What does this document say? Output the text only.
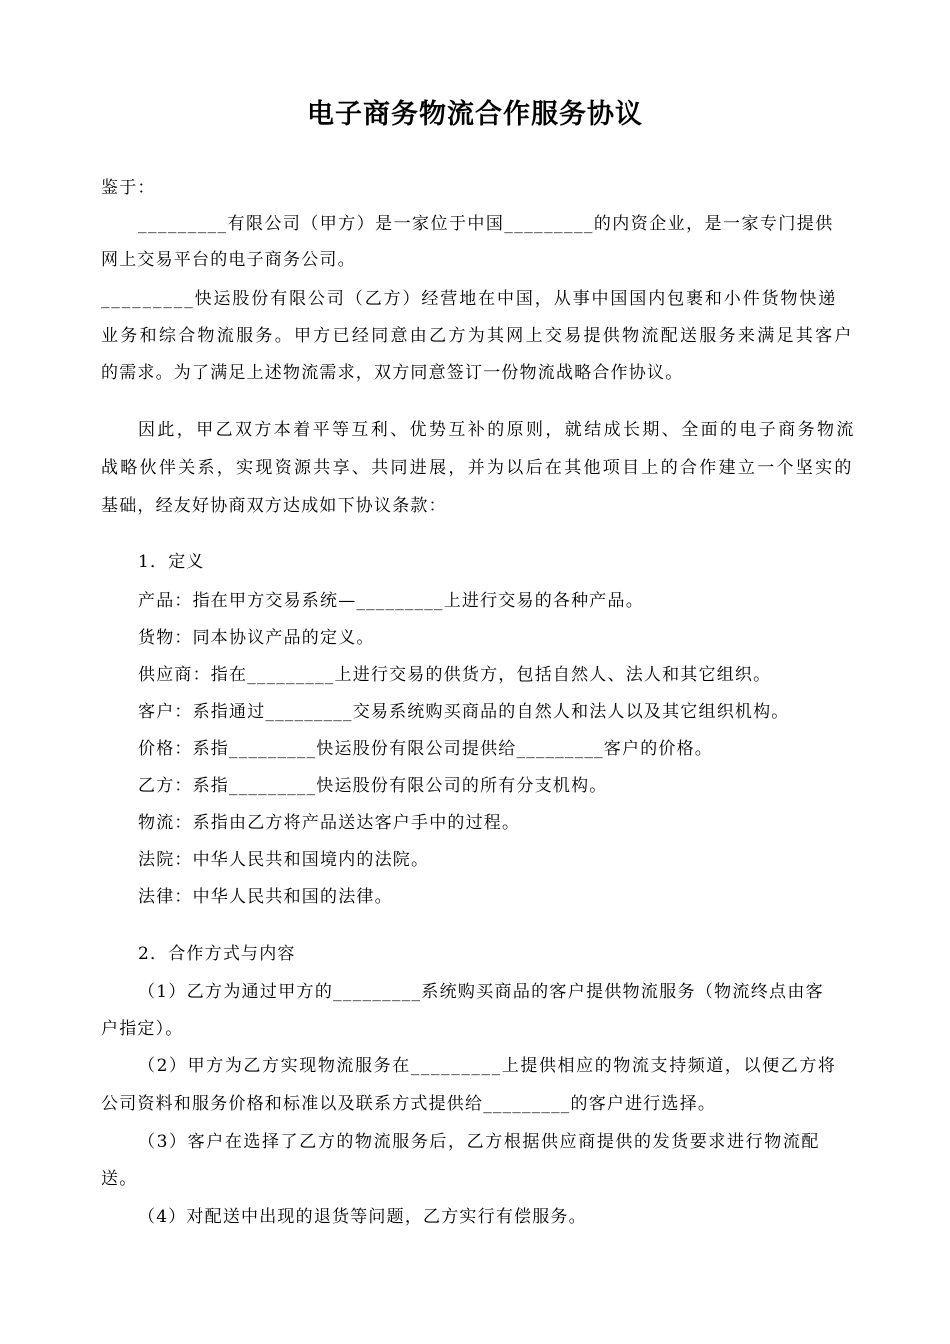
电子商务物流合作服务协议
鉴于：
_________有限公司（甲方）是一家位于中国_________的内资企业，是一家专门提供
网上交易平台的电子商务公司。
_________快运股份有限公司（乙方）经营地在中国，从事中国国内包裹和小件货物快递
业务和综合物流服务。甲方已经同意由乙方为其网上交易提供物流配送服务来满足其客户
的需求。为了满足上述物流需求，双方同意签订一份物流战略合作协议。
因此，甲乙双方本着平等互利、优势互补的原则，就结成长期、全面的电子商务物流
战略伙伴关系，实现资源共享、共同进展，并为以后在其他项目上的合作建立一个坚实的
基础，经友好协商双方达成如下协议条款：
1．定义
产品：指在甲方交易系统—_________上进行交易的各种产品。
货物：同本协议产品的定义。
供应商：指在_________上进行交易的供货方，包括自然人、法人和其它组织。
客户：系指通过_________交易系统购买商品的自然人和法人以及其它组织机构。
价格：系指_________快运股份有限公司提供给_________客户的价格。
乙方：系指_________快运股份有限公司的所有分支机构。
物流：系指由乙方将产品送达客户手中的过程。
法院：中华人民共和国境内的法院。
法律：中华人民共和国的法律。
2．合作方式与内容
（1）乙方为通过甲方的_________系统购买商品的客户提供物流服务（物流终点由客
户指定）。
（2）甲方为乙方实现物流服务在_________上提供相应的物流支持频道，以便乙方将
公司资料和服务价格和标准以及联系方式提供给_________的客户进行选择。
（3）客户在选择了乙方的物流服务后，乙方根据供应商提供的发货要求进行物流配
送。
（4）对配送中出现的退货等问题，乙方实行有偿服务。
